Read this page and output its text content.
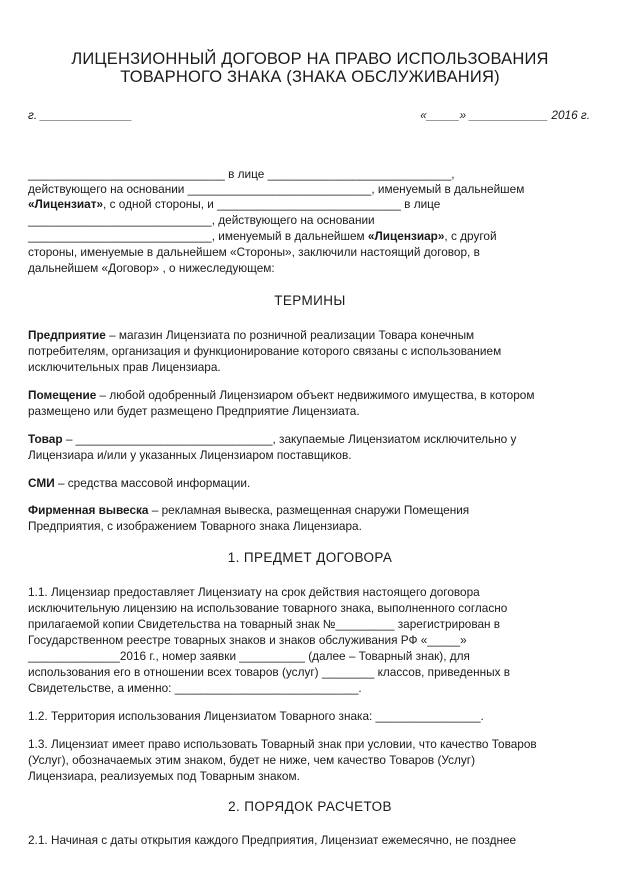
ЛИЦЕНЗИОННЫЙ ДОГОВОР НА ПРАВО ИСПОЛЬЗОВАНИЯ
ТОВАРНОГО ЗНАКА (ЗНАКА ОБСЛУЖИВАНИЯ)
г. ______________	«_____» ____________ 2016 г.
______________________________ в лице ____________________________,
действующего на основании ____________________________, именуемый в дальнейшем
«Лицензиат», с одной стороны, и ____________________________ в лице
____________________________, действующего на основании
____________________________, именуемый в дальнейшем «Лицензиар», с другой
стороны, именуемые в дальнейшем «Стороны», заключили настоящий договор, в
дальнейшем «Договор» , о нижеследующем:
ТЕРМИНЫ
Предприятие – магазин Лицензиата по розничной реализации Товара конечным
потребителям, организация и функционирование которого связаны с использованием
исключительных прав Лицензиара.
Помещение – любой одобренный Лицензиаром объект недвижимого имущества, в котором
размещено или будет размещено Предприятие Лицензиата.
Товар – ______________________________, закупаемые Лицензиатом исключительно у
Лицензиара и/или у указанных Лицензиаром поставщиков.
СМИ – средства массовой информации.
Фирменная вывеска – рекламная вывеска, размещенная снаружи Помещения
Предприятия, с изображением Товарного знака Лицензиара.
1. ПРЕДМЕТ ДОГОВОРА
1.1. Лицензиар предоставляет Лицензиату на срок действия настоящего договора
исключительную лицензию на использование товарного знака, выполненного согласно
прилагаемой копии Свидетельства на товарный знак №_________ зарегистрирован в
Государственном реестре товарных знаков и знаков обслуживания РФ «_____»
______________2016 г., номер заявки __________ (далее – Товарный знак), для
использования его в отношении всех товаров (услуг) ________ классов, приведенных в
Свидетельстве, а именно: ____________________________.
1.2. Территория использования Лицензиатом Товарного знака: ________________.
1.3. Лицензиат имеет право использовать Товарный знак при условии, что качество Товаров
(Услуг), обозначаемых этим знаком, будет не ниже, чем качество Товаров (Услуг)
Лицензиара, реализуемых под Товарным знаком.
2. ПОРЯДОК РАСЧЕТОВ
2.1. Начиная с даты открытия каждого Предприятия, Лицензиат ежемесячно, не позднее
